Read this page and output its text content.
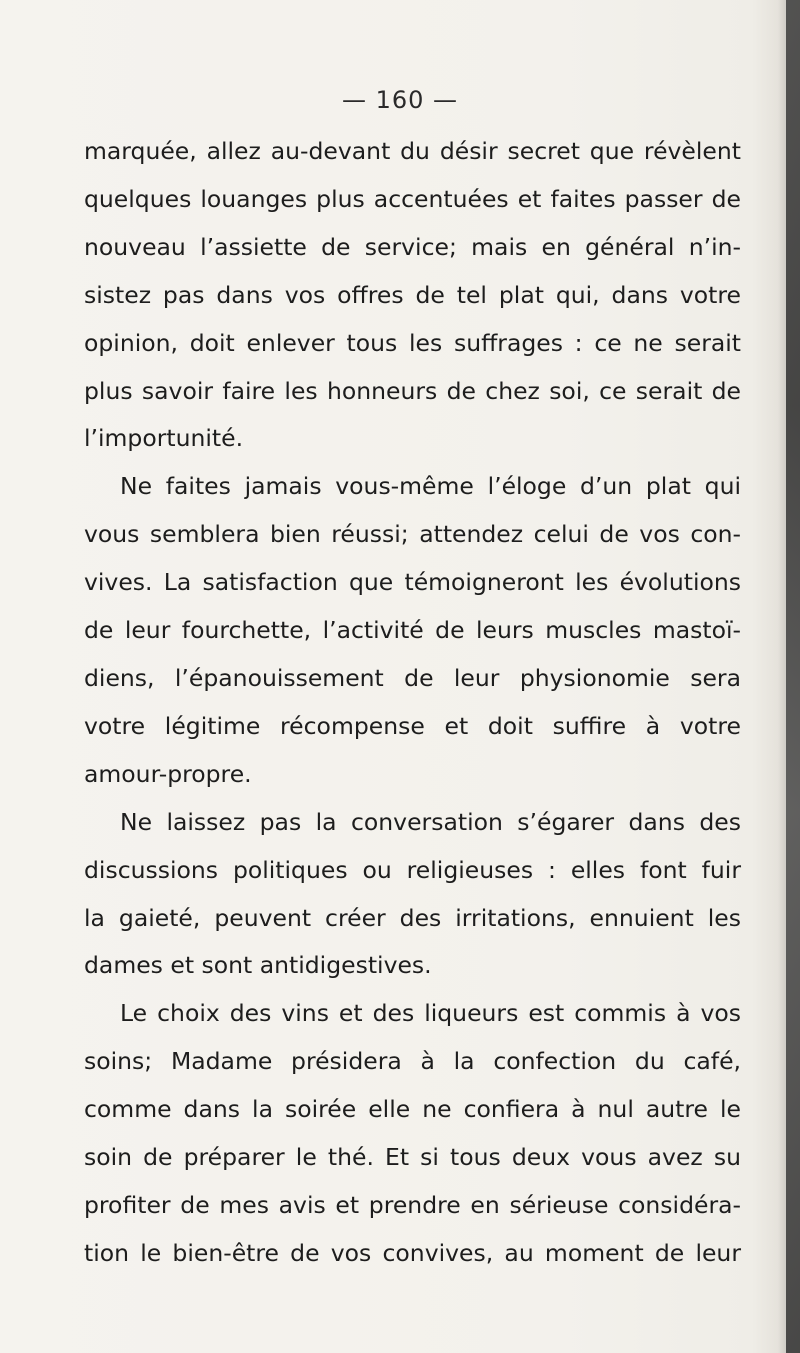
— 160 —
marquée, allez au-devant du désir secret que révèlent
quelques louanges plus accentuées et faites passer de
nouveau l’assiette de service; mais en général n’in-
sistez pas dans vos offres de tel plat qui, dans votre
opinion, doit enlever tous les suffrages : ce ne serait
plus savoir faire les honneurs de chez soi, ce serait de
l’importunité.
Ne faites jamais vous-même l’éloge d’un plat qui
vous semblera bien réussi; attendez celui de vos con-
vives. La satisfaction que témoigneront les évolutions
de leur fourchette, l’activité de leurs muscles mastoï-
diens, l’épanouissement de leur physionomie sera
votre légitime récompense et doit suffire à votre
amour-propre.
Ne laissez pas la conversation s’égarer dans des
discussions politiques ou religieuses : elles font fuir
la gaieté, peuvent créer des irritations, ennuient les
dames et sont antidigestives.
Le choix des vins et des liqueurs est commis à vos
soins; Madame présidera à la confection du café,
comme dans la soirée elle ne confiera à nul autre le
soin de préparer le thé. Et si tous deux vous avez su
profiter de mes avis et prendre en sérieuse considéra-
tion le bien-être de vos convives, au moment de leur
